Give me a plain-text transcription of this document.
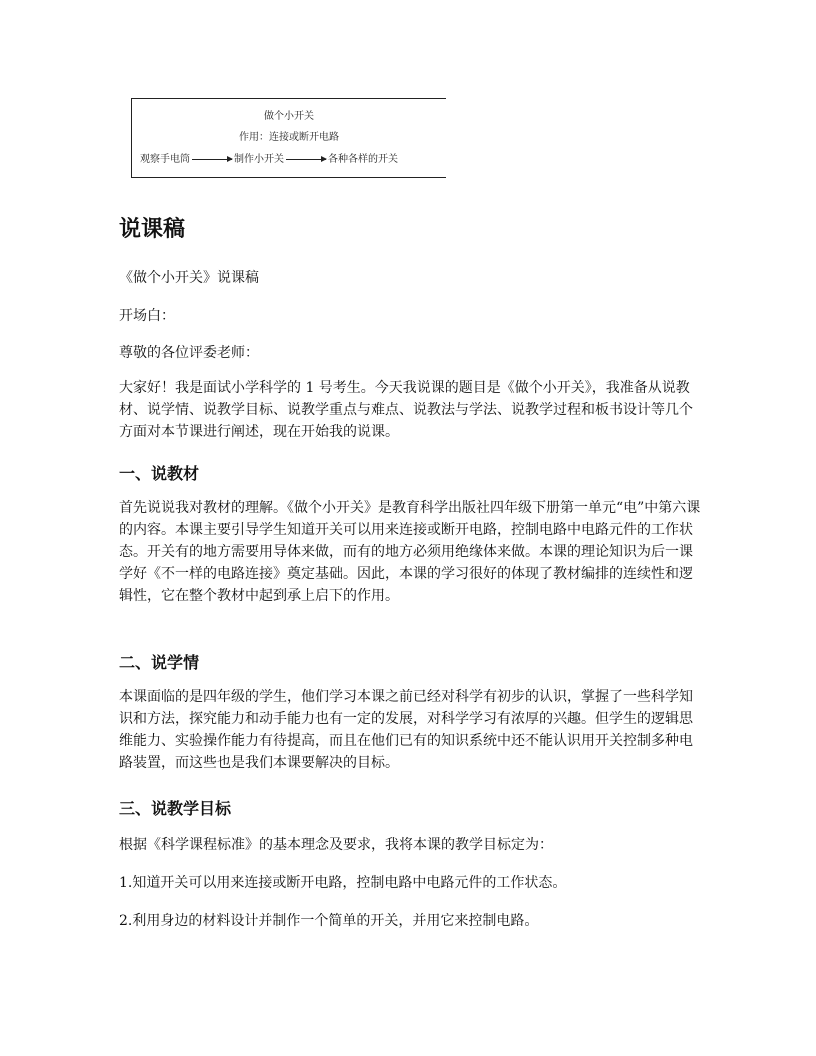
做个小开关
作用：连接或断开电路
观察手电筒	制作小开关	各种各样的开关
说课稿

《做个小开关》说课稿

开场白：

尊敬的各位评委老师：

大家好！我是面试小学科学的 1 号考生。今天我说课的题目是《做个小开关》，我准备从说教材、说学情、说教学目标、说教学重点与难点、说教法与学法、说教学过程和板书设计等几个方面对本节课进行阐述，现在开始我的说课。

一、说教材

首先说说我对教材的理解。《做个小开关》是教育科学出版社四年级下册第一单元“电”中第六课的内容。本课主要引导学生知道开关可以用来连接或断开电路，控制电路中电路元件的工作状态。开关有的地方需要用导体来做，而有的地方必须用绝缘体来做。本课的理论知识为后一课学好《不一样的电路连接》奠定基础。因此，本课的学习很好的体现了教材编排的连续性和逻辑性，它在整个教材中起到承上启下的作用。

二、说学情

本课面临的是四年级的学生，他们学习本课之前已经对科学有初步的认识，掌握了一些科学知识和方法，探究能力和动手能力也有一定的发展，对科学学习有浓厚的兴趣。但学生的逻辑思维能力、实验操作能力有待提高，而且在他们已有的知识系统中还不能认识用开关控制多种电路装置，而这些也是我们本课要解决的目标。

三、说教学目标

根据《科学课程标准》的基本理念及要求，我将本课的教学目标定为：

1.知道开关可以用来连接或断开电路，控制电路中电路元件的工作状态。

2.利用身边的材料设计并制作一个简单的开关，并用它来控制电路。
